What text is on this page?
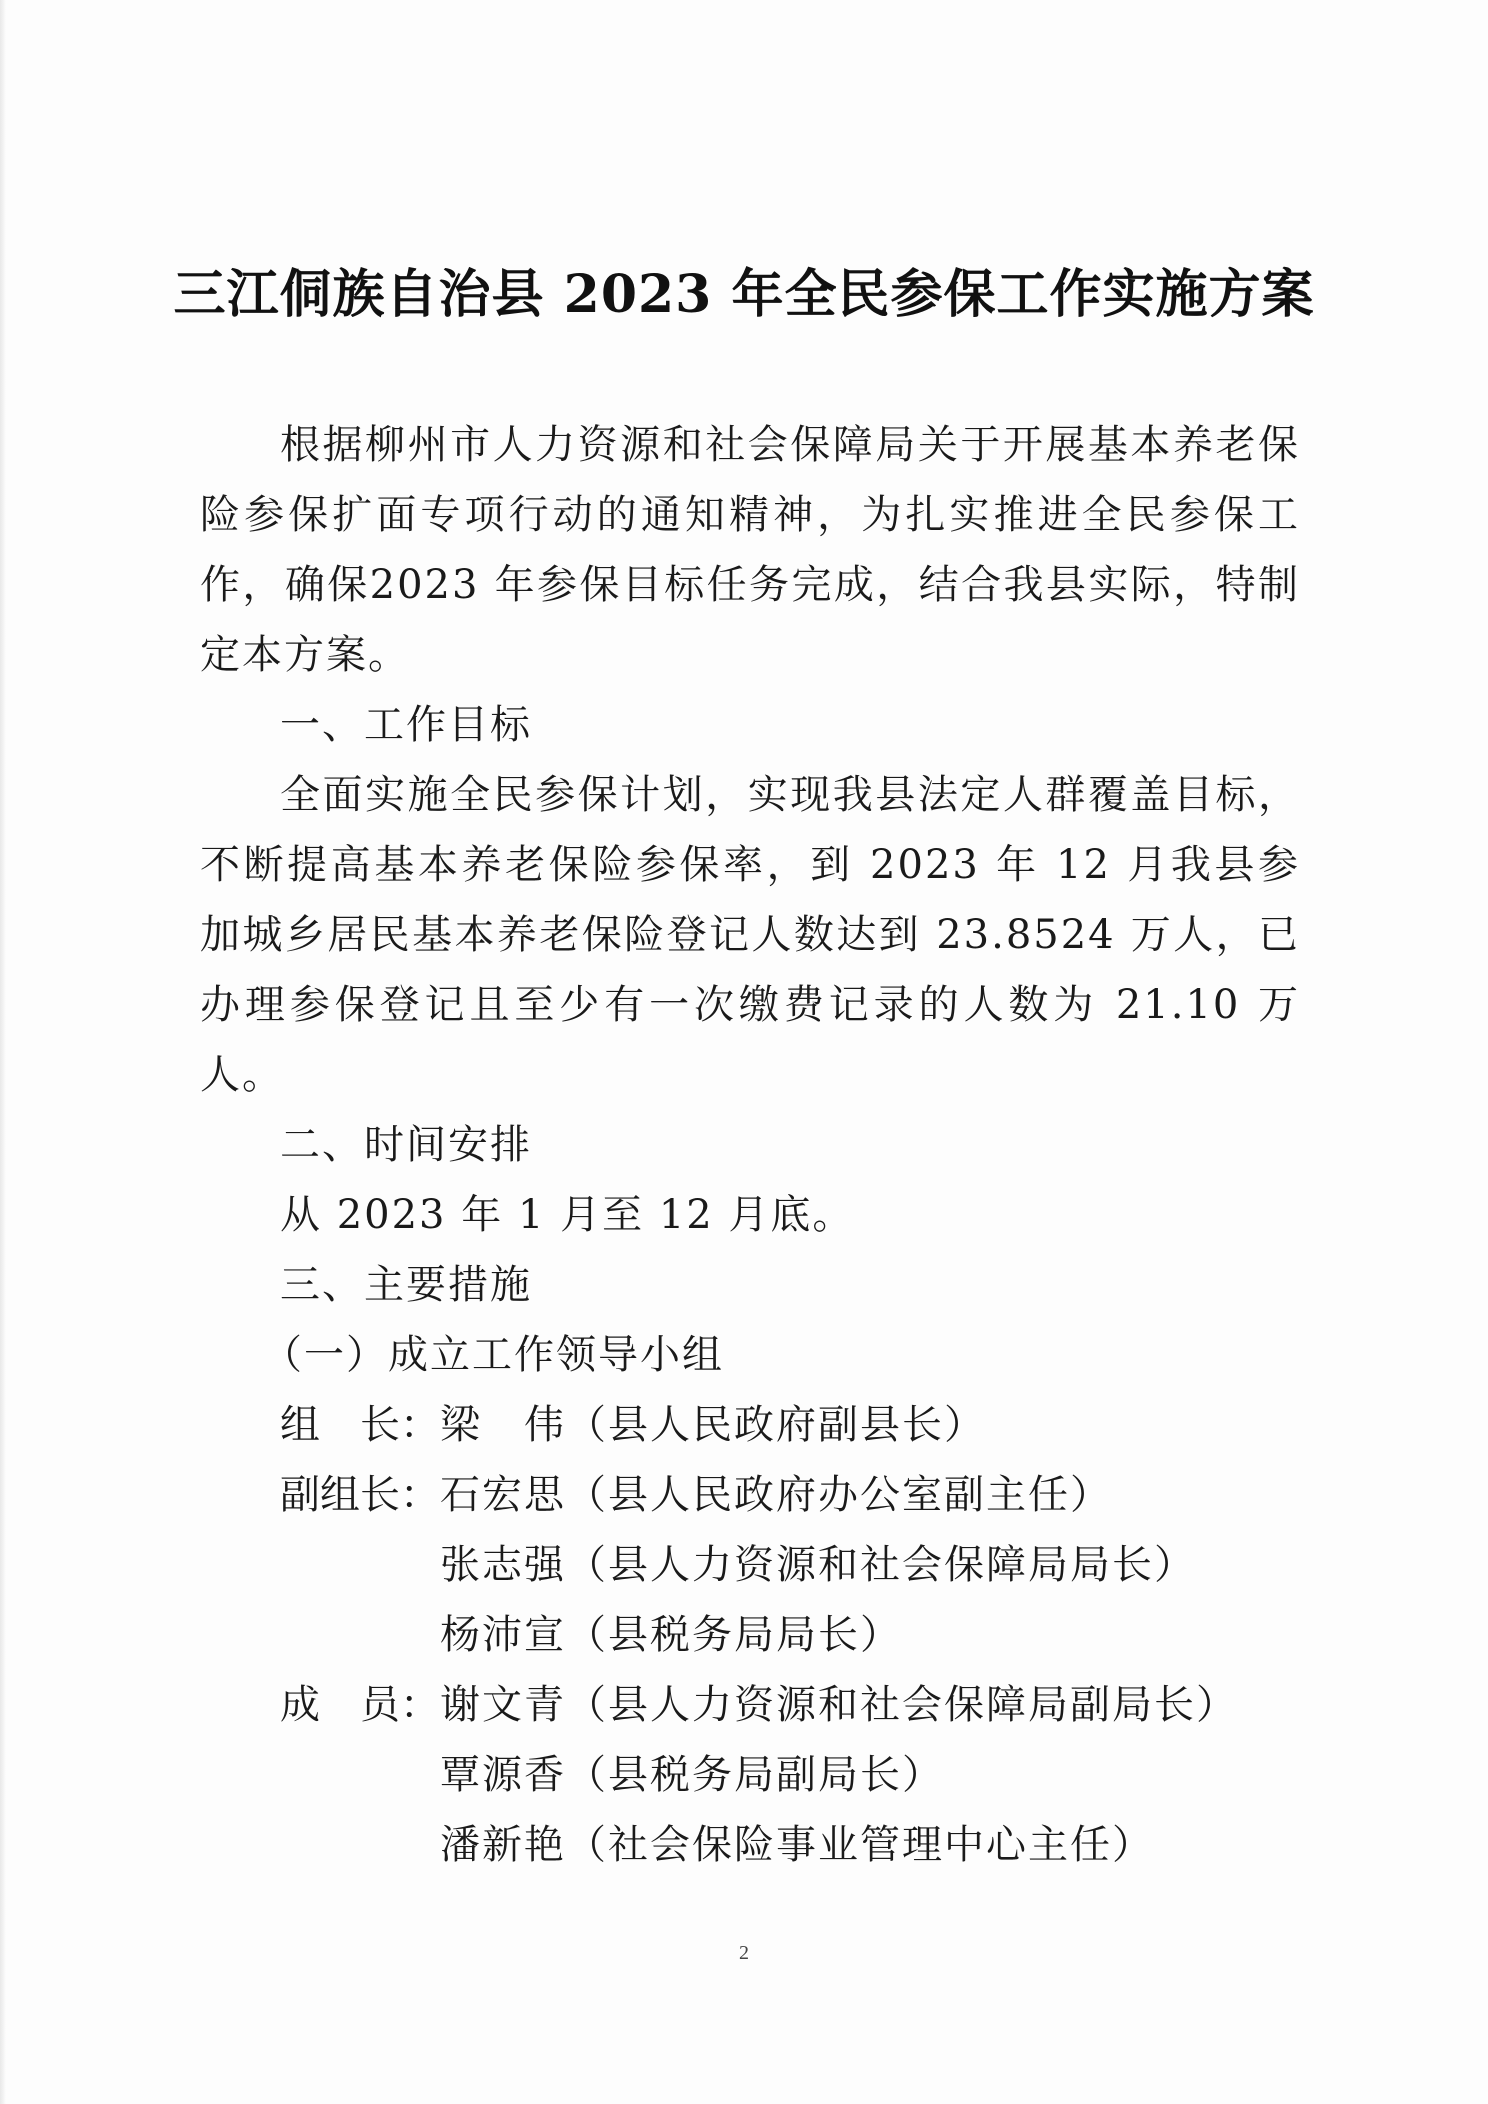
三江侗族自治县 2023 年全民参保工作实施方案

根据柳州市人力资源和社会保障局关于开展基本养老保险参保扩面专项行动的通知精神，为扎实推进全民参保工作，确保2023 年参保目标任务完成，结合我县实际，特制定本方案。

一、工作目标

全面实施全民参保计划，实现我县法定人群覆盖目标，不断提高基本养老保险参保率，到 2023 年 12 月我县参加城乡居民基本养老保险登记人数达到 23.8524 万人，已办理参保登记且至少有一次缴费记录的人数为 21.10 万人。

二、时间安排

从 2023 年 1 月至 12 月底。

三、主要措施

（一）成立工作领导小组

组　长： 梁　伟（县人民政府副县长）

副组长： 石宏思（县人民政府办公室副主任）

张志强（县人力资源和社会保障局局长）

杨沛宣（县税务局局长）

成　员： 谢文青（县人力资源和社会保障局副局长）

覃源香（县税务局副局长）

潘新艳（社会保险事业管理中心主任）

2
